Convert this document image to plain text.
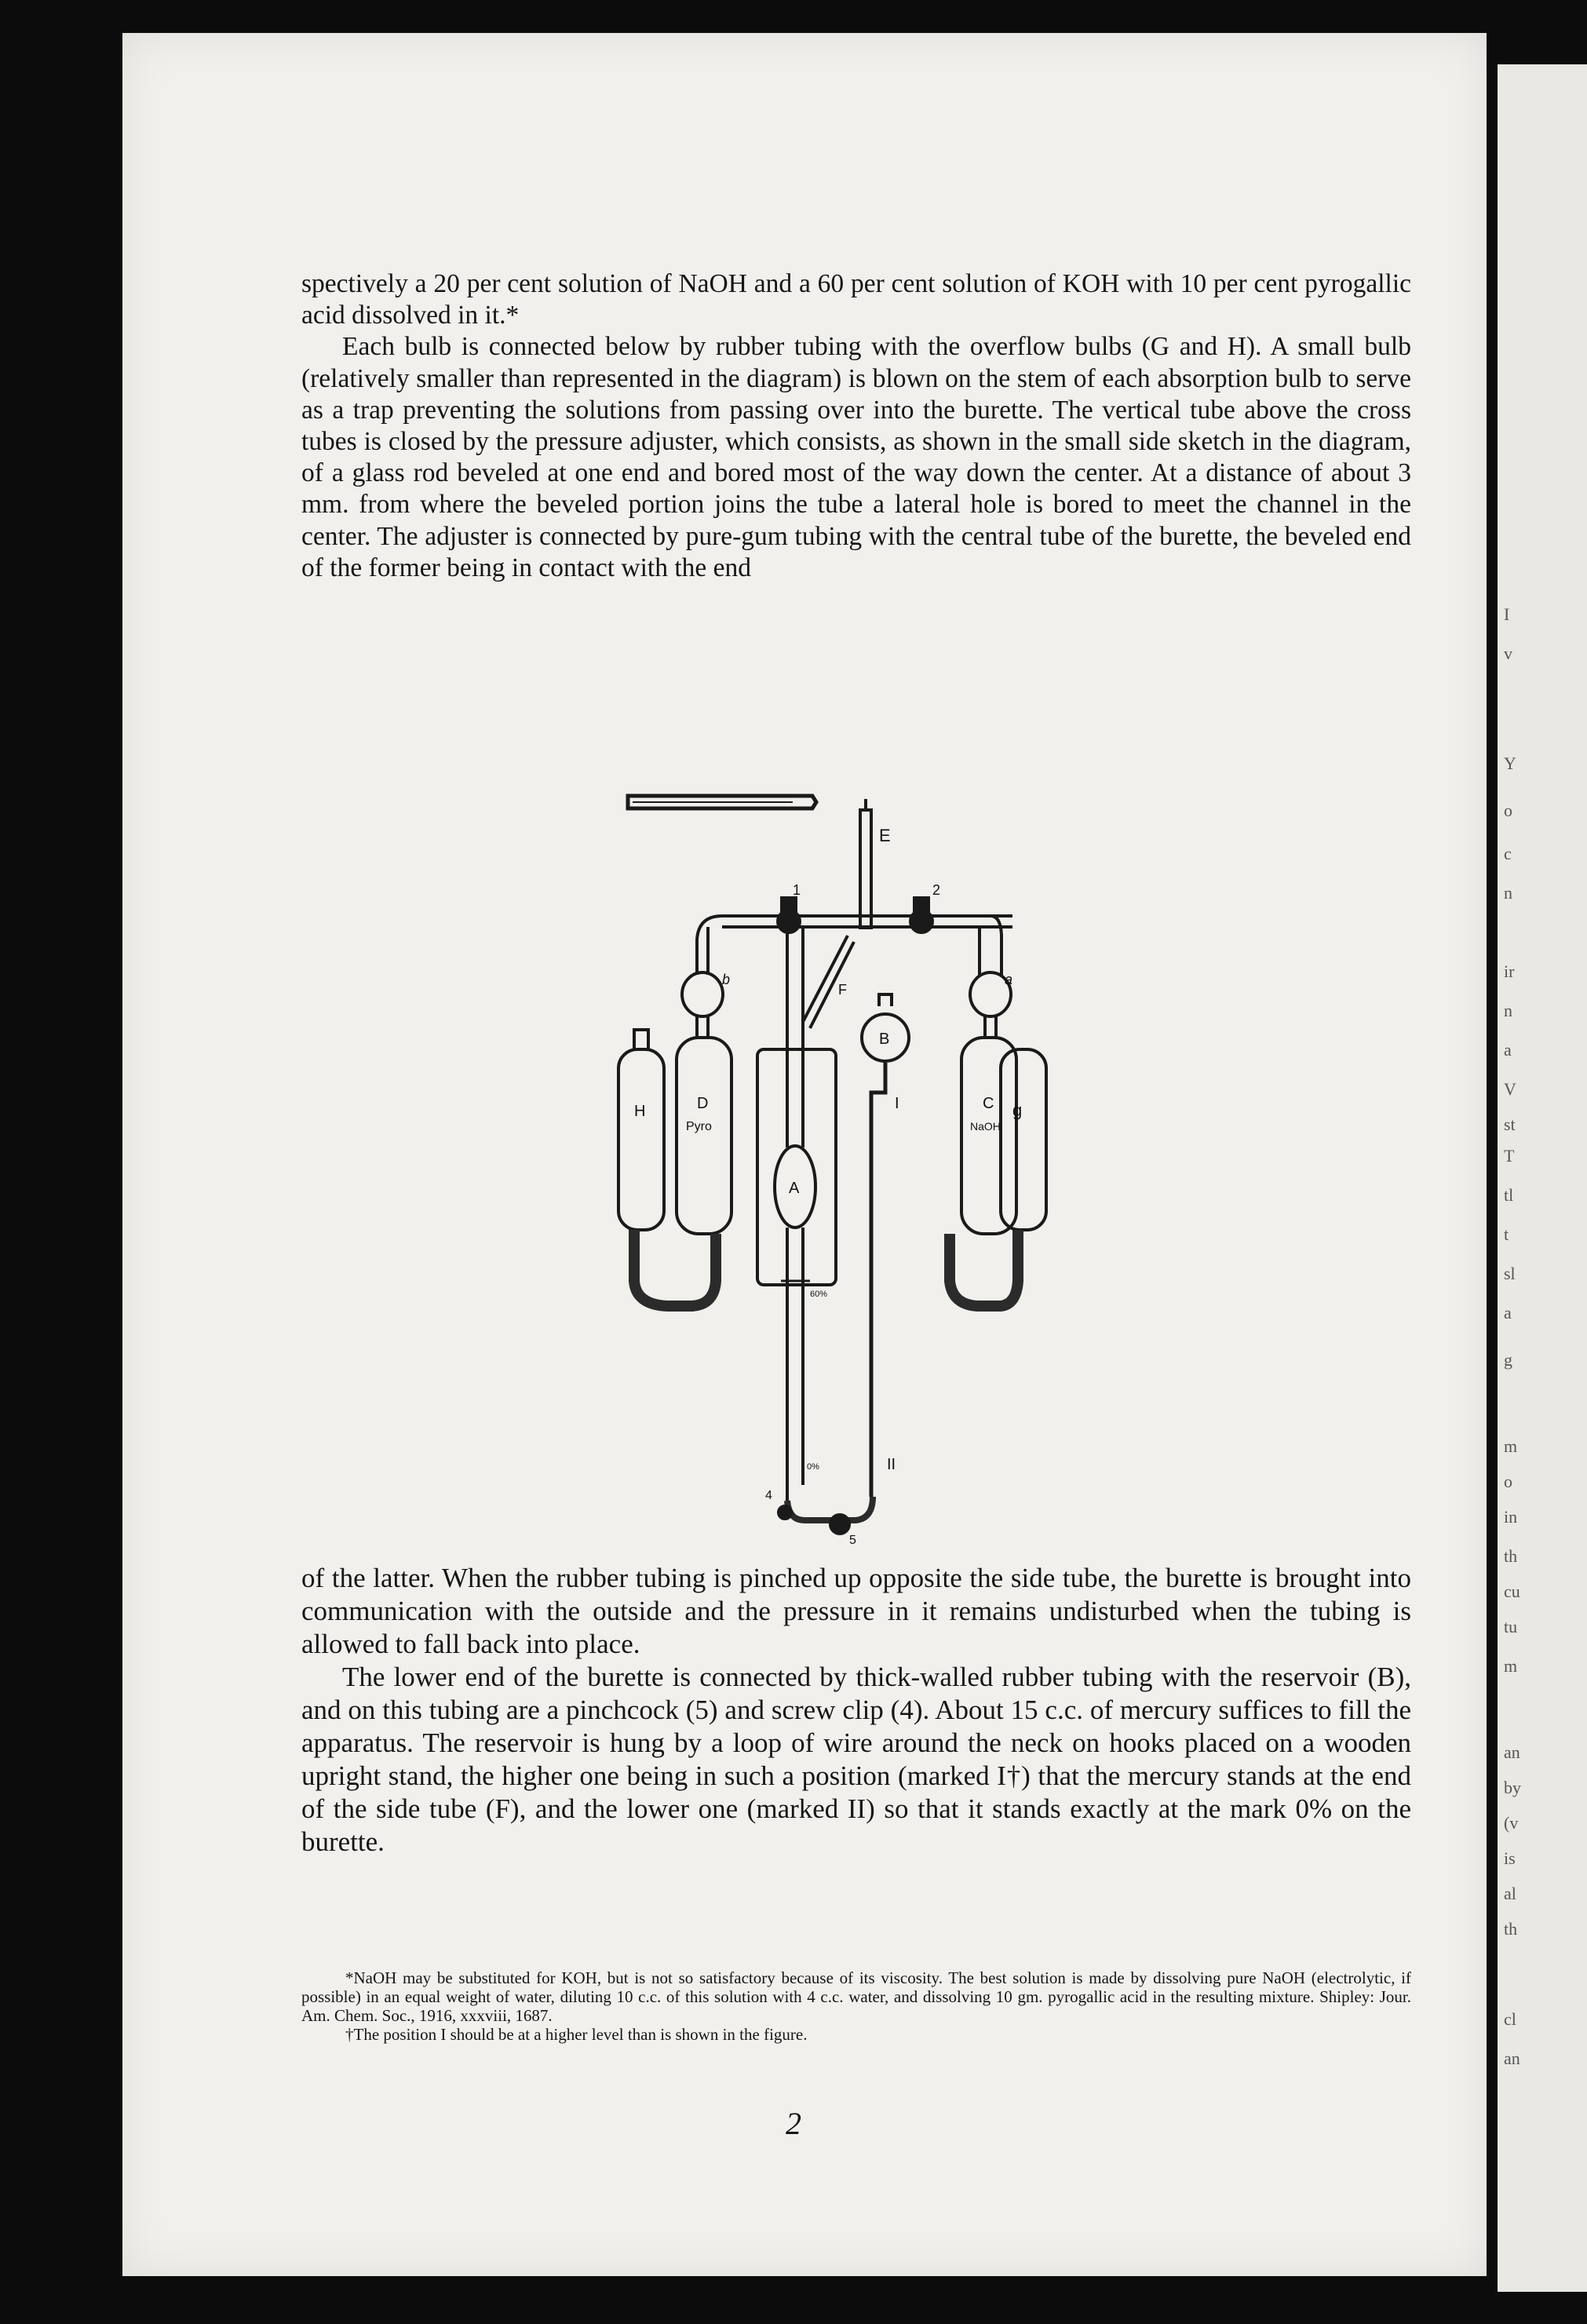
I
v
Y
o
c
n
ir
n
a
V
st
T
tl
t
sl
a
g
m
o
in
th
cu
tu
m
an
by
(v
is
al
th
cl
an

spectively a 20 per cent solution of NaOH and a 60 per cent solution of KOH with 10 per cent pyrogallic acid dissolved in it.*

Each bulb is connected below by rubber tubing with the overflow bulbs (G and H). A small bulb (relatively smaller than represented in the diagram) is blown on the stem of each absorption bulb to serve as a trap preventing the solutions from passing over into the burette. The vertical tube above the cross tubes is closed by the pressure adjuster, which consists, as shown in the small side sketch in the diagram, of a glass rod beveled at one end and bored most of the way down the center. At a distance of about 3 mm. from where the beveled portion joins the tube a lateral hole is bored to meet the channel in the center. The adjuster is connected by pure-gum tubing with the central tube of the burette, the beveled end of the former being in contact with the end

E
1	2
b	a
F
H	D
Pyro
B
C
NaOH
g
A
I
60%
0%	II
4
5

of the latter. When the rubber tubing is pinched up opposite the side tube, the burette is brought into communication with the outside and the pressure in it remains undisturbed when the tubing is allowed to fall back into place.

The lower end of the burette is connected by thick-walled rubber tubing with the reservoir (B), and on this tubing are a pinchcock (5) and screw clip (4). About 15 c.c. of mercury suffices to fill the apparatus. The reservoir is hung by a loop of wire around the neck on hooks placed on a wooden upright stand, the higher one being in such a position (marked I†) that the mercury stands at the end of the side tube (F), and the lower one (marked II) so that it stands exactly at the mark 0% on the burette.

*NaOH may be substituted for KOH, but is not so satisfactory because of its viscosity. The best solution is made by dissolving pure NaOH (electrolytic, if possible) in an equal weight of water, diluting 10 c.c. of this solution with 4 c.c. water, and dissolving 10 gm. pyrogallic acid in the resulting mixture. Shipley: Jour. Am. Chem. Soc., 1916, xxxviii, 1687.

†The position I should be at a higher level than is shown in the figure.

2
